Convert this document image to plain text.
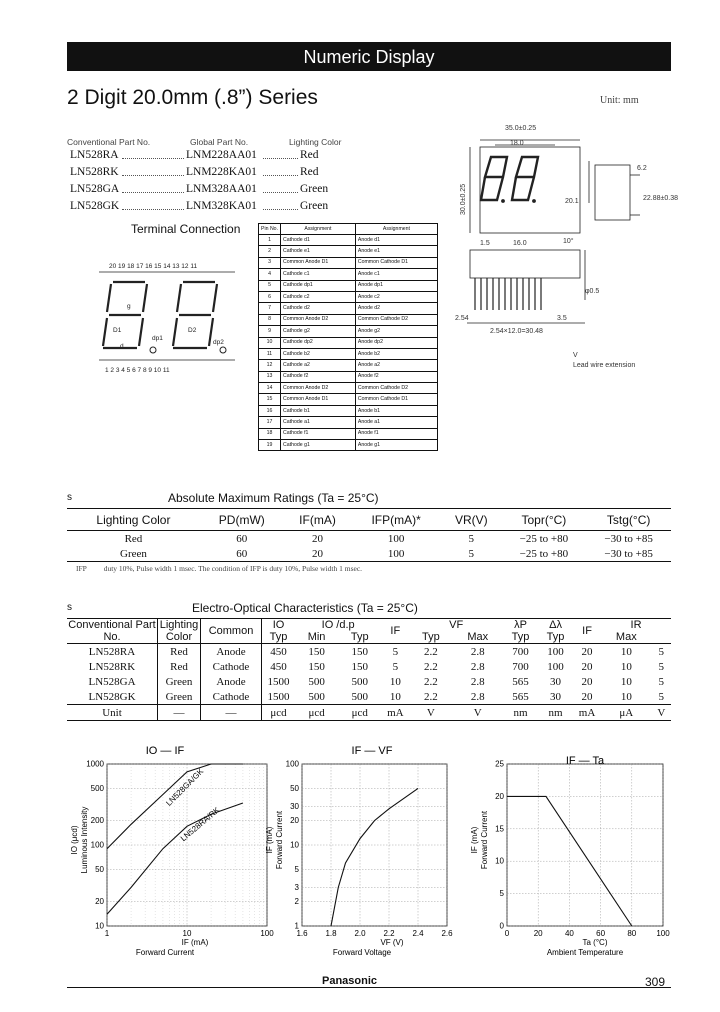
Numeric Display
2 Digit 20.0mm (.8”) Series	Unit: mm
Conventional Part No.	Global Part No.	Lighting Color
LN528RA	LNM228AA01	Red
LN528RK	LNM228KA01	Red
LN528GA	LNM328AA01	Green
LN528GK	LNM328KA01	Green
35.0±0.25
18.0
30.0±0.25	20.1
16.0	10°
1.5
6.2
22.88±0.38
φ0.5
3.5
2.54
2.54×12.0=30.48
V
Lead wire extension
Terminal Connection
20 19 18 17 16 15 14 13 12 11
1 2 3 4 5 6 7 8 9 10 11
g
D1	D2
dp1
dp2
d
Pin No.	Assignment	Assignment
1	Cathode d1	Anode d1
2	Cathode e1	Anode e1
3	Common Anode D1	Common Cathode D1
4	Cathode c1	Anode c1
5	Cathode dp1	Anode dp1
6	Cathode c2	Anode c2
7	Cathode d2	Anode d2
8	Common Anode D2	Common Cathode D2
9	Cathode g2	Anode g2
10	Cathode dp2	Anode dp2
11	Cathode b2	Anode b2
12	Cathode a2	Anode a2
13	Cathode f2	Anode f2
14	Common Anode D2	Common Cathode D2
15	Common Anode D1	Common Cathode D1
16	Cathode b1	Anode b1
17	Cathode a1	Anode a1
18	Cathode f1	Anode f1
19	Cathode g1	Anode g1
s	Absolute Maximum Ratings (Ta = 25°C)
Lighting Color	PD(mW)	IF(mA)	IFP(mA)*	VR(V)	Topr(°C)	Tstg(°C)
Red	60	20	100	5	−25 to +80	−30 to +85
Green	60	20	100	5	−25 to +80	−30 to +85
IFP duty 10%, Pulse width 1 msec. The condition of IFP is duty 10%, Pulse width 1 msec.
s	Electro-Optical Characteristics (Ta = 25°C)
Conventional Part No.	Lighting Color	Common	IO	IO /d.p		IF	VF		λP	Δλ	IF	IR	
			Typ	Min	Typ		Typ	Max	Typ	Typ		Max	
LN528RA	Red	Anode	450	150	150	5	2.2	2.8	700	100	20	10	5
LN528RK	Red	Cathode	450	150	150	5	2.2	2.8	700	100	20	10	5
LN528GA	Green	Anode	1500	500	500	10	2.2	2.8	565	30	20	10	5
LN528GK	Green	Cathode	1500	500	500	10	2.2	2.8	565	30	20	10	5
Unit	—	—	μcd	μcd	μcd	mA	V	V	nm	nm	mA	μA	V
10
20
50
100
200
500
1000
1	10	100
IO — IF
IF (mA)
Forward Current
IO (μcd) Luminous Intensity
LN528GA/GK
LN528RA/RK
1
2
3
5
10
20
30
50
100
1.6 1.8 2.0 2.2 2.4 2.6
IF — VF
VF (V)
Forward Voltage
IF (mA) Forward Current
0
5
10
15
20
25
0	20	40	60	80	100
IF — Ta
Ta (°C)
Ambient Temperature
IF (mA) Forward Current
Panasonic	309
